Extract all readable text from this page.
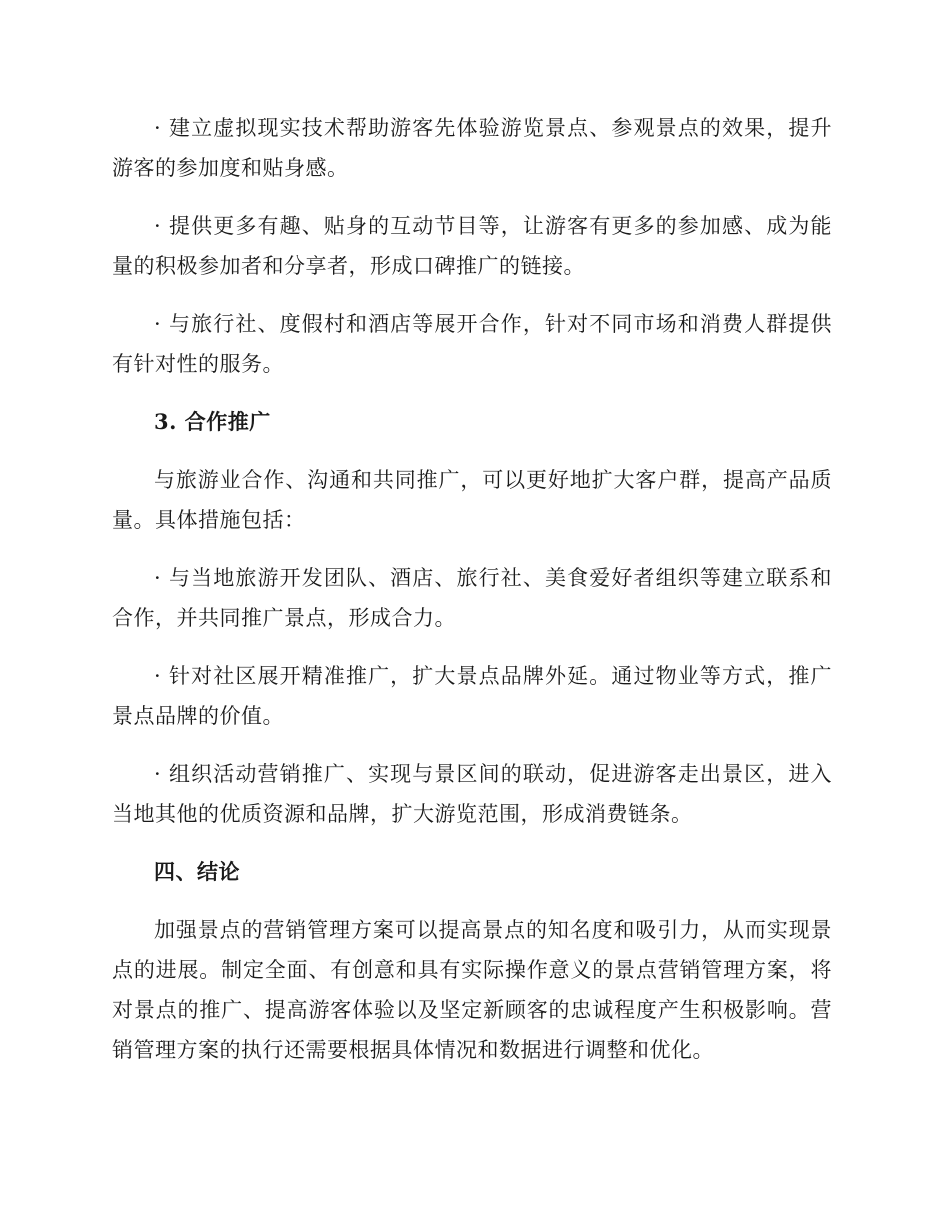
· 建立虚拟现实技术帮助游客先体验游览景点、参观景点的效果，提升游客的参加度和贴身感。

· 提供更多有趣、贴身的互动节目等，让游客有更多的参加感、成为能量的积极参加者和分享者，形成口碑推广的链接。

· 与旅行社、度假村和酒店等展开合作，针对不同市场和消费人群提供有针对性的服务。

3. 合作推广

与旅游业合作、沟通和共同推广，可以更好地扩大客户群，提高产品质量。具体措施包括：

· 与当地旅游开发团队、酒店、旅行社、美食爱好者组织等建立联系和合作，并共同推广景点，形成合力。

· 针对社区展开精准推广，扩大景点品牌外延。通过物业等方式，推广景点品牌的价值。

· 组织活动营销推广、实现与景区间的联动，促进游客走出景区，进入当地其他的优质资源和品牌，扩大游览范围，形成消费链条。

四、结论

加强景点的营销管理方案可以提高景点的知名度和吸引力，从而实现景点的进展。制定全面、有创意和具有实际操作意义的景点营销管理方案，将对景点的推广、提高游客体验以及坚定新顾客的忠诚程度产生积极影响。营销管理方案的执行还需要根据具体情况和数据进行调整和优化。
